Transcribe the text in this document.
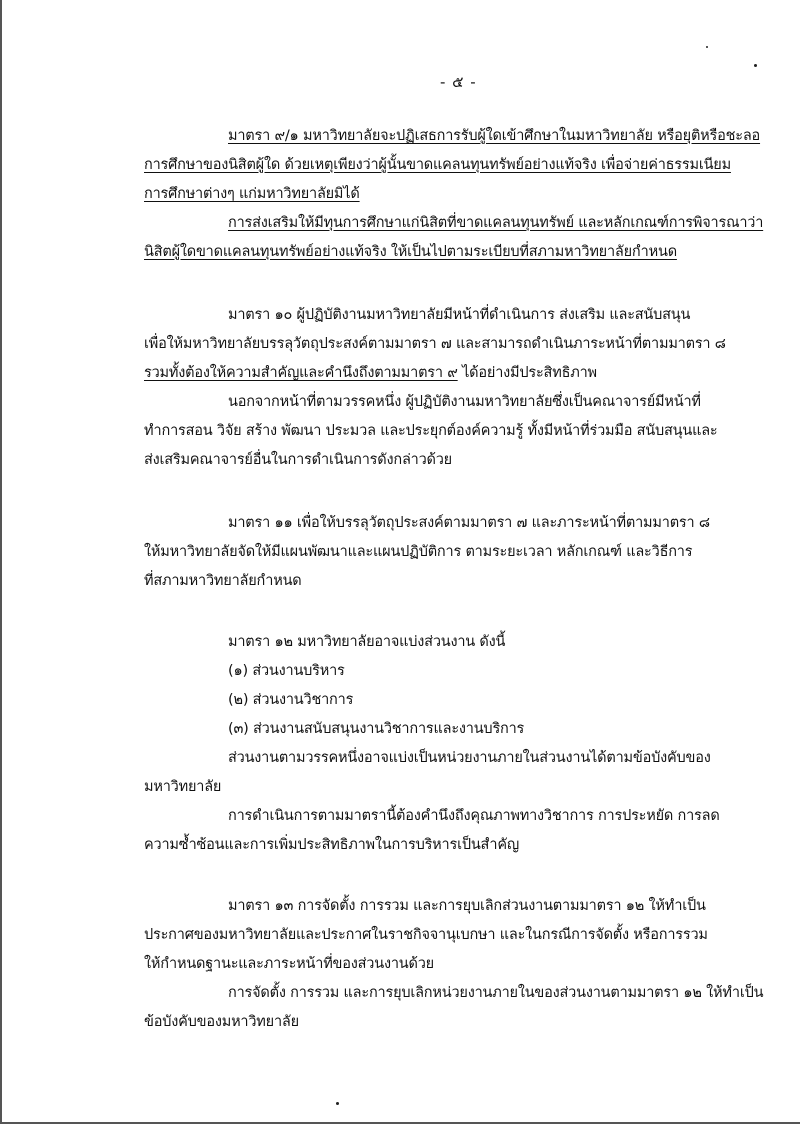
- ๕ -
มาตรา ๙/๑ มหาวิทยาลัยจะปฏิเสธการรับผู้ใดเข้าศึกษาในมหาวิทยาลัย หรือยุติหรือชะลอ
การศึกษาของนิสิตผู้ใด ด้วยเหตุเพียงว่าผู้นั้นขาดแคลนทุนทรัพย์อย่างแท้จริง เพื่อจ่ายค่าธรรมเนียม
การศึกษาต่างๆ แก่มหาวิทยาลัยมิได้
การส่งเสริมให้มีทุนการศึกษาแก่นิสิตที่ขาดแคลนทุนทรัพย์ และหลักเกณฑ์การพิจารณาว่า
นิสิตผู้ใดขาดแคลนทุนทรัพย์อย่างแท้จริง ให้เป็นไปตามระเบียบที่สภามหาวิทยาลัยกำหนด
มาตรา ๑๐ ผู้ปฏิบัติงานมหาวิทยาลัยมีหน้าที่ดำเนินการ ส่งเสริม และสนับสนุน
เพื่อให้มหาวิทยาลัยบรรลุวัตถุประสงค์ตามมาตรา ๗ และสามารถดำเนินภาระหน้าที่ตามมาตรา ๘
รวมทั้งต้องให้ความสำคัญและคำนึงถึงตามมาตรา ๙ ได้อย่างมีประสิทธิภาพ
นอกจากหน้าที่ตามวรรคหนึ่ง ผู้ปฏิบัติงานมหาวิทยาลัยซึ่งเป็นคณาจารย์มีหน้าที่
ทำการสอน วิจัย สร้าง พัฒนา ประมวล และประยุกต์องค์ความรู้ ทั้งมีหน้าที่ร่วมมือ สนับสนุนและ
ส่งเสริมคณาจารย์อื่นในการดำเนินการดังกล่าวด้วย
มาตรา ๑๑ เพื่อให้บรรลุวัตถุประสงค์ตามมาตรา ๗ และภาระหน้าที่ตามมาตรา ๘
ให้มหาวิทยาลัยจัดให้มีแผนพัฒนาและแผนปฏิบัติการ ตามระยะเวลา หลักเกณฑ์ และวิธีการ
ที่สภามหาวิทยาลัยกำหนด
มาตรา ๑๒ มหาวิทยาลัยอาจแบ่งส่วนงาน ดังนี้
(๑) ส่วนงานบริหาร
(๒) ส่วนงานวิชาการ
(๓) ส่วนงานสนับสนุนงานวิชาการและงานบริการ
ส่วนงานตามวรรคหนึ่งอาจแบ่งเป็นหน่วยงานภายในส่วนงานได้ตามข้อบังคับของ
มหาวิทยาลัย
การดำเนินการตามมาตรานี้ต้องคำนึงถึงคุณภาพทางวิชาการ การประหยัด การลด
ความซ้ำซ้อนและการเพิ่มประสิทธิภาพในการบริหารเป็นสำคัญ
มาตรา ๑๓ การจัดตั้ง การรวม และการยุบเลิกส่วนงานตามมาตรา ๑๒ ให้ทำเป็น
ประกาศของมหาวิทยาลัยและประกาศในราชกิจจานุเบกษา และในกรณีการจัดตั้ง หรือการรวม
ให้กำหนดฐานะและภาระหน้าที่ของส่วนงานด้วย
การจัดตั้ง การรวม และการยุบเลิกหน่วยงานภายในของส่วนงานตามมาตรา ๑๒ ให้ทำเป็น
ข้อบังคับของมหาวิทยาลัย
